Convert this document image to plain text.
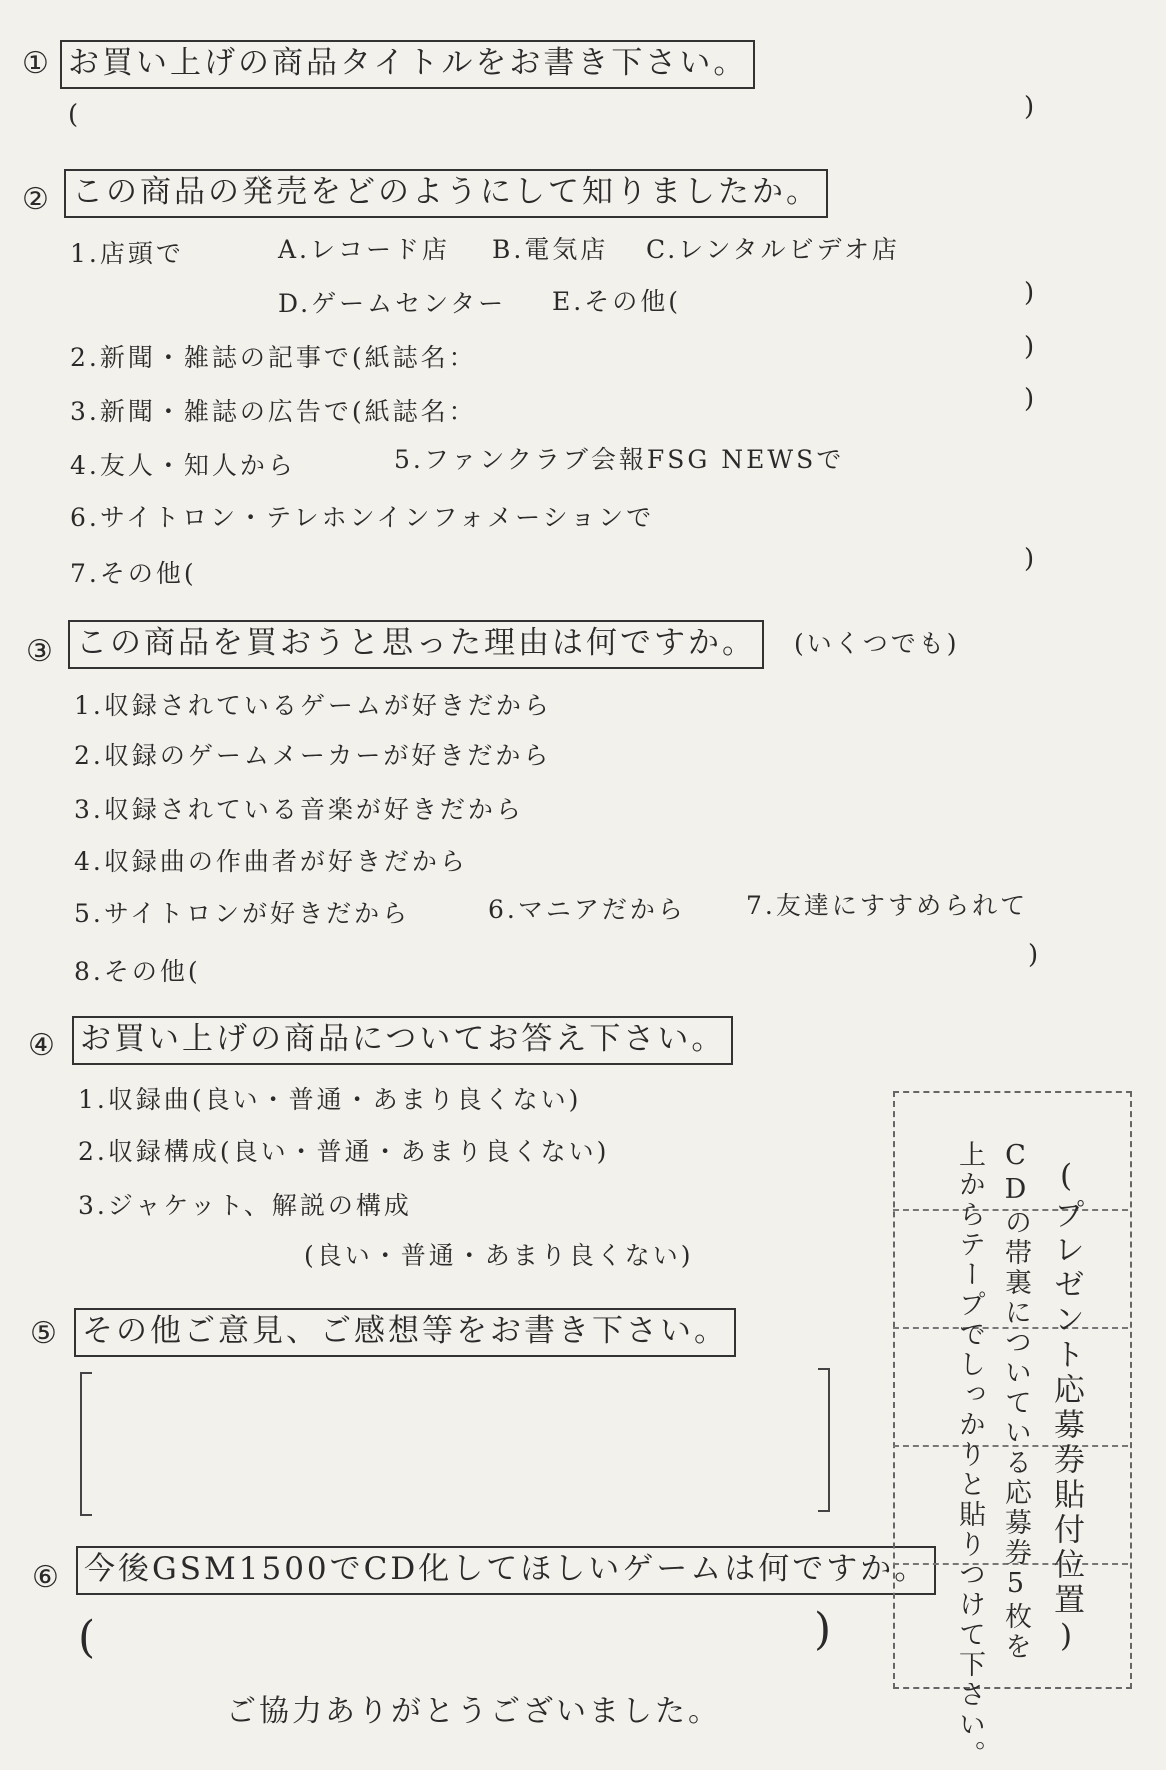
① お買い上げの商品タイトルをお書き下さい。
(	)
② この商品の発売をどのようにして知りましたか。
1.店頭で	A.レコード店 B.電気店 C.レンタルビデオ店
D.ゲームセンター E.その他(	)
2.新聞・雑誌の記事で(紙誌名：	)
3.新聞・雑誌の広告で(紙誌名：	)
4.友人・知人から	5.ファンクラブ会報FSG NEWSで
6.サイトロン・テレホンインフォメーションで
7.その他(	)
③ この商品を買おうと思った理由は何ですか。	(いくつでも)
1.収録されているゲームが好きだから
2.収録のゲームメーカーが好きだから
3.収録されている音楽が好きだから
4.収録曲の作曲者が好きだから
5.サイトロンが好きだから	6.マニアだから 7.友達にすすめられて
8.その他(
)
④ お買い上げの商品についてお答え下さい。
1.収録曲(良い・普通・あまり良くない)
2.収録構成(良い・普通・あまり良くない)
3.ジャケット、解説の構成
(良い・普通・あまり良くない)
⑤ その他ご意見、ご感想等をお書き下さい。
⑥ 今後GSM1500でCD化してほしいゲームは何ですか。
(	)
ご協力ありがとうございました。
(プレゼント応募券貼付位置)
CDの帯裏についている応募券5枚を
上からテープでしっかりと貼りつけて下さい。
